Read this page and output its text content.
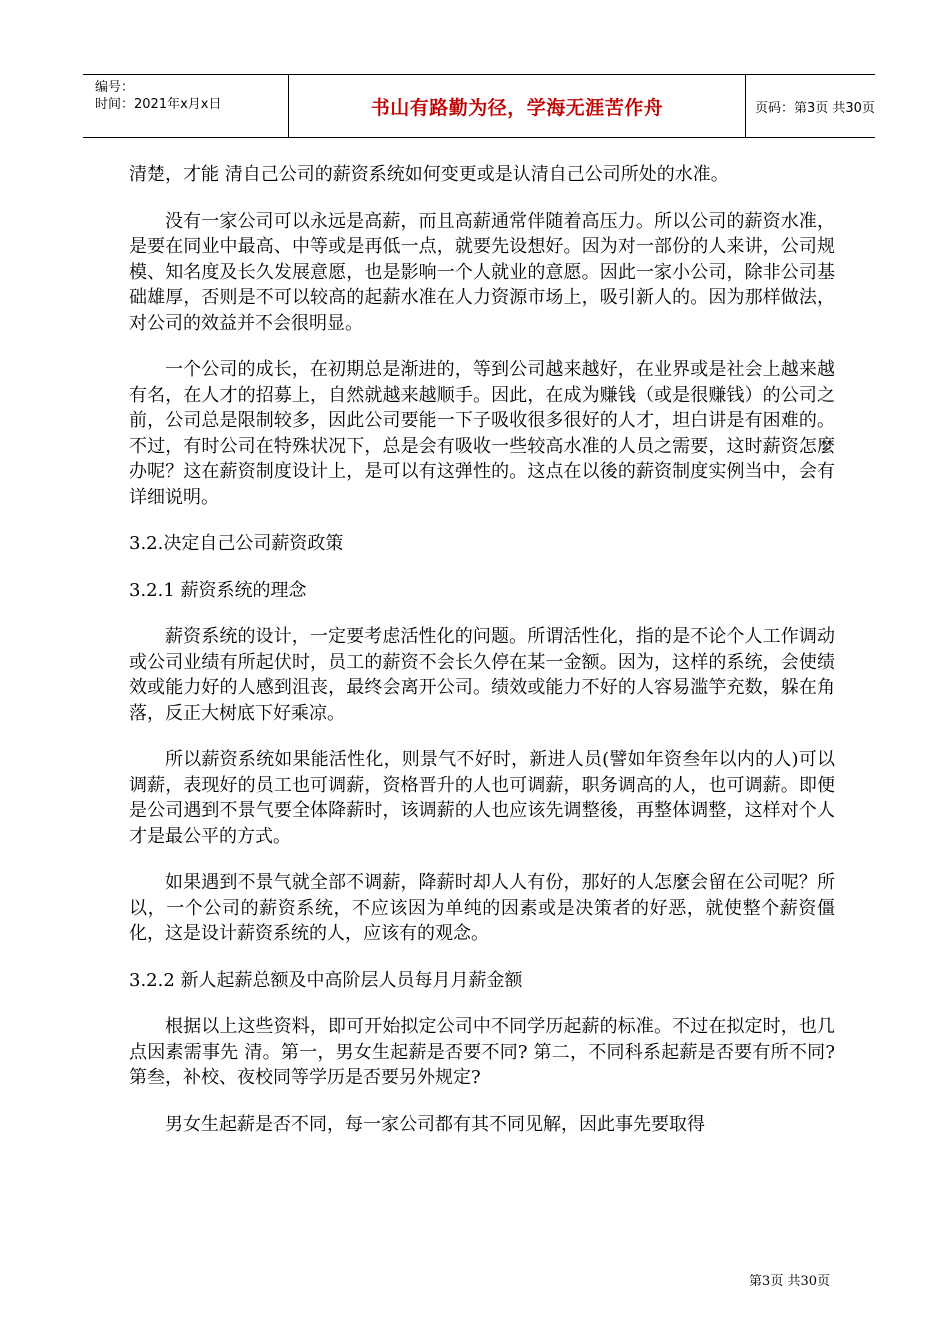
编号：
时间：2021年x月x日	书山有路勤为径，学海无涯苦作舟	页码：第3页 共30页

清楚，才能 清自己公司的薪资系统如何变更或是认清自己公司所处的水准。

没有一家公司可以永远是高薪，而且高薪通常伴随着高压力。所以公司的薪资水准，是要在同业中最高、中等或是再低一点，就要先设想好。因为对一部份的人来讲，公司规模、知名度及长久发展意愿，也是影响一个人就业的意愿。因此一家小公司，除非公司基础雄厚，否则是不可以较高的起薪水准在人力资源市场上，吸引新人的。因为那样做法，对公司的效益并不会很明显。

一个公司的成长，在初期总是渐进的，等到公司越来越好，在业界或是社会上越来越有名，在人才的招募上，自然就越来越顺手。因此，在成为赚钱（或是很赚钱）的公司之前，公司总是限制较多，因此公司要能一下子吸收很多很好的人才，坦白讲是有困难的。不过，有时公司在特殊状况下，总是会有吸收一些较高水准的人员之需要，这时薪资怎麼办呢？这在薪资制度设计上，是可以有这弹性的。这点在以後的薪资制度实例当中，会有详细说明。

3.2.决定自己公司薪资政策

3.2.1 薪资系统的理念

薪资系统的设计，一定要考虑活性化的问题。所谓活性化，指的是不论个人工作调动或公司业绩有所起伏时，员工的薪资不会长久停在某一金额。因为，这样的系统，会使绩效或能力好的人感到沮丧，最终会离开公司。绩效或能力不好的人容易滥竽充数，躲在角落，反正大树底下好乘凉。

所以薪资系统如果能活性化，则景气不好时，新进人员(譬如年资叁年以内的人)可以调薪，表现好的员工也可调薪，资格晋升的人也可调薪，职务调高的人，也可调薪。即便是公司遇到不景气要全体降薪时，该调薪的人也应该先调整後，再整体调整，这样对个人才是最公平的方式。

如果遇到不景气就全部不调薪，降薪时却人人有份，那好的人怎麼会留在公司呢？所以，一个公司的薪资系统，不应该因为单纯的因素或是决策者的好恶，就使整个薪资僵化，这是设计薪资系统的人，应该有的观念。

3.2.2 新人起薪总额及中高阶层人员每月月薪金额

根据以上这些资料，即可开始拟定公司中不同学历起薪的标准。不过在拟定时，也几点因素需事先 清。第一，男女生起薪是否要不同? 第二，不同科系起薪是否要有所不同? 第叁，补校、夜校同等学历是否要另外规定?

男女生起薪是否不同，每一家公司都有其不同见解，因此事先要取得

第3页 共30页
